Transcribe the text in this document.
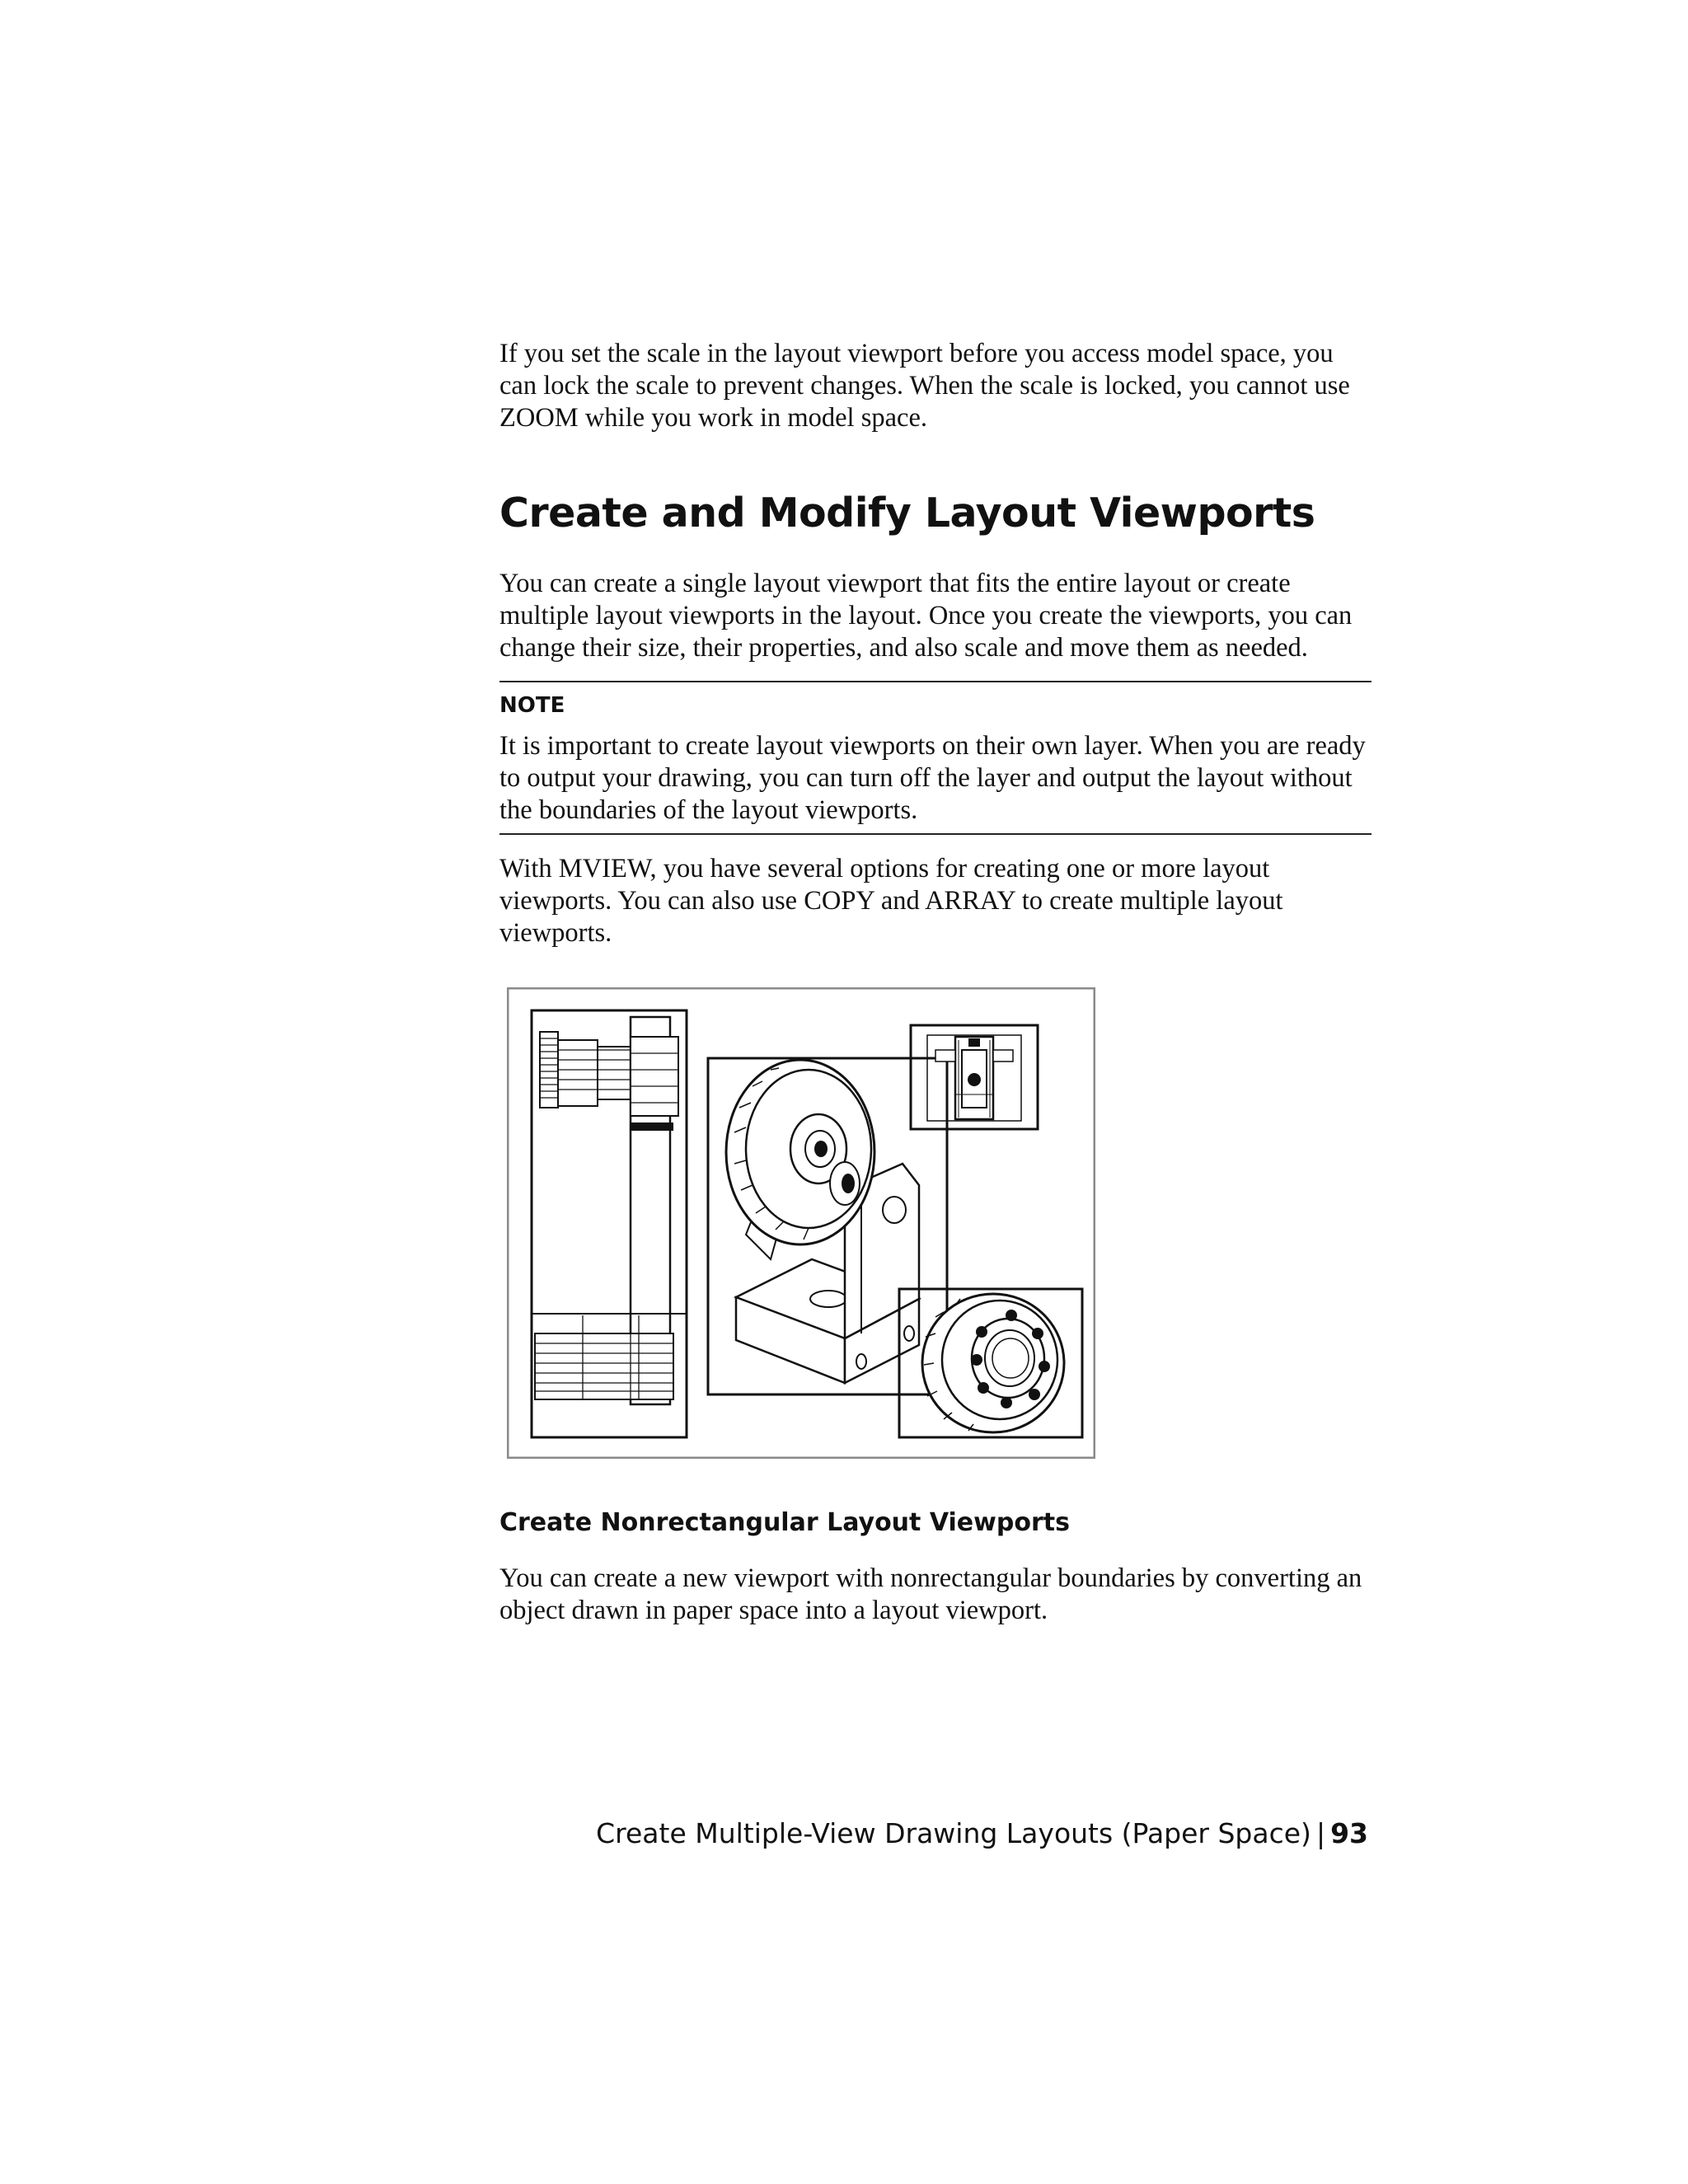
If you set the scale in the layout viewport before you access model space, you can lock the scale to prevent changes. When the scale is locked, you cannot use ZOOM while you work in model space.

Create and Modify Layout Viewports

You can create a single layout viewport that fits the entire layout or create multiple layout viewports in the layout. Once you create the viewports, you can change their size, their properties, and also scale and move them as needed.

NOTE

It is important to create layout viewports on their own layer. When you are ready to output your drawing, you can turn off the layer and output the layout without the boundaries of the layout viewports.

With MVIEW, you have several options for creating one or more layout viewports. You can also use COPY and ARRAY to create multiple layout viewports.

Create Nonrectangular Layout Viewports

You can create a new viewport with nonrectangular boundaries by converting an object drawn in paper space into a layout viewport.

Create Multiple-View Drawing Layouts (Paper Space) | 93
